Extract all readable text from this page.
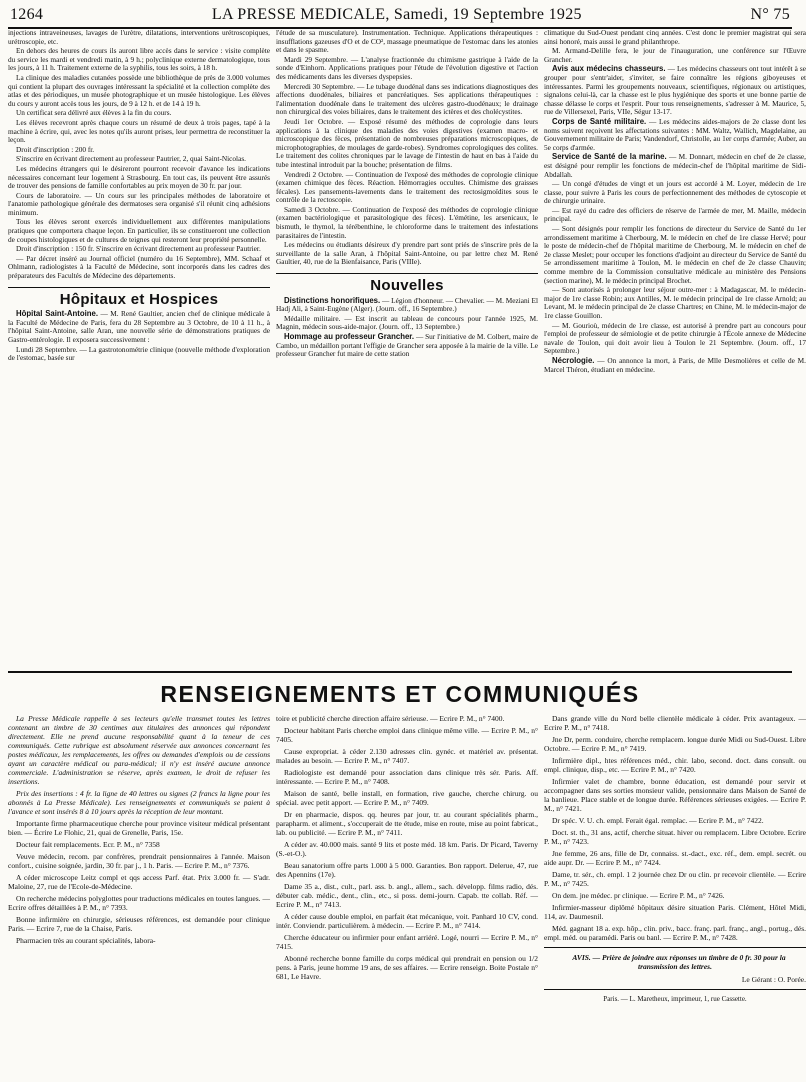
1264	LA PRESSE MEDICALE, Samedi, 19 Septembre 1925	N° 75

injections intraveineuses, lavages de l'urètre, dilatations, interventions urétroscopiques, urétroscopie, etc.

En dehors des heures de cours ils auront libre accès dans le service : visite complète du service les mardi et vendredi matin, à 9 h.; polyclinique externe dermatologique, tous les jours, à 11 h. Traitement externe de la syphilis, tous les soirs, à 18 h.

La clinique des maladies cutanées possède une bibliothèque de près de 3.000 volumes qui contient la plupart des ouvrages intéressant la spécialité et la collection complète des atlas et des périodiques, un musée photographique et un musée histologique. Les élèves du cours y auront accès tous les jours, de 9 à 12 h. et de 14 à 19 h.

Un certificat sera délivré aux élèves à la fin du cours.

Les élèves recevront après chaque cours un résumé de deux à trois pages, tapé à la machine à écrire, qui, avec les notes qu'ils auront prises, leur permettra de reconstituer la leçon.

Droit d'inscription : 200 fr.

S'inscrire en écrivant directement au professeur Pautrier, 2, quai Saint-Nicolas.

Les médecins étrangers qui le désireront pourront recevoir d'avance les indications nécessaires concernant leur logement à Strasbourg. En tout cas, ils peuvent être assurés de trouver des pensions de famille confortables au prix moyen de 30 fr. par jour.

Cours de laboratoire. — Un cours sur les principales méthodes de laboratoire et l'anatomie pathologique générale des dermatoses sera organisé s'il réunit cinq adhésions minimum.

Tous les élèves seront exercés individuellement aux différentes manipulations pratiques que comportera chaque leçon. En particulier, ils se constitueront une collection de coupes histologiques et de cultures de teignes qui resteront leur propriété personnelle.

Droit d'inscription : 150 fr. S'inscrire en écrivant directement au professeur Pautrier.

— Par décret inséré au Journal officiel (numéro du 16 Septembre), MM. Schaaf et Ohlmann, radiologistes à la Faculté de Médecine, sont incorporés dans les cadres des préparateurs des Facultés de Médecine des départements.

Hôpitaux et Hospices

Hôpital Saint-Antoine. — M. René Gaultier, ancien chef de clinique médicale à la Faculté de Médecine de Paris, fera du 28 Septembre au 3 Octobre, de 10 à 11 h., à l'hôpital Saint-Antoine, salle Aran, une nouvelle série de démonstrations pratiques de Gastro-entérologie. Il exposera successivement :

Lundi 28 Septembre. — La gastrotonométrie clinique (nouvelle méthode d'exploration de l'estomac, basée sur

l'étude de sa musculature). Instrumentation. Technique. Applications thérapeutiques : insufflations gazeuses d'O et de CO², massage pneumatique de l'estomac dans les atonies et dans le spasme.

Mardi 29 Septembre. — L'analyse fractionnée du chimisme gastrique à l'aide de la sonde d'Einhorn. Applications pratiques pour l'étude de l'évolution digestive et l'action des médicaments dans les diverses dyspepsies.

Mercredi 30 Septembre. — Le tubage duodénal dans ses indications diagnostiques des affections duodénales, biliaires et pancréatiques. Ses applications thérapeutiques : l'alimentation duodénale dans le traitement des ulcères gastro-duodénaux; le drainage non chirurgical des voies biliaires, dans le traitement des ictères et des cholécystites.

Jeudi 1er Octobre. — Exposé résumé des méthodes de coprologie dans leurs applications à la clinique des maladies des voies digestives (examen macro- et microscopique des fèces, présentation de nombreuses préparations microscopiques, de microphotographies, de moulages de garde-robes). Syndromes coprologiques des colites. Le traitement des colites chroniques par le lavage de l'intestin de haut en bas à l'aide du tube intestinal introduit par la bouche; présentation de films.

Vendredi 2 Octobre. — Continuation de l'exposé des méthodes de coprologie clinique (examen chimique des fèces. Réaction. Hémorragies occultes. Chimisme des graisses fécales). Les pansements-lavements dans le traitement des rectosigmoïdites sous le contrôle de la rectoscopie.

Samedi 3 Octobre. — Continuation de l'exposé des méthodes de coprologie clinique (examen bactériologique et parasitologique des fèces). L'émétine, les arsenicaux, le bismuth, le thymol, la térébenthine, le chloroforme dans le traitement des infestations parasitaires de l'intestin.

Les médecins ou étudiants désireux d'y prendre part sont priés de s'inscrire près de la surveillante de la salle Aran, à l'hôpital Saint-Antoine, ou par lettre chez M. René Gaultier, 40, rue de la Bienfaisance, Paris (VIIIe).

Nouvelles

Distinctions honorifiques. — Légion d'honneur. — Chevalier. — M. Meziani El Hadj Ali, à Saint-Eugène (Alger). (Journ. off., 16 Septembre.)

Médaille militaire. — Est inscrit au tableau de concours pour l'année 1925, M. Magnin, médecin sous-aide-major. (Journ. off., 13 Septembre.)

Hommage au professeur Grancher. — Sur l'initiative de M. Colbert, maire de Cambo, un médaillon portant l'effigie de Grancher sera apposée à la mairie de la ville. Le professeur Grancher fut maire de cette station

climatique du Sud-Ouest pendant cinq années. C'est donc le premier magistrat qui sera ainsi honoré, mais aussi le grand philanthrope.

M. Armand-Delille fera, le jour de l'inauguration, une conférence sur l'Œuvre Grancher.

Avis aux médecins chasseurs. — Les médecins chasseurs ont tout intérêt à se grouper pour s'entr'aider, s'inviter, se faire connaître les régions giboyeuses et intéressantes. Parmi les groupements nouveaux, scientifiques, régionaux ou artistiques, signalons celui-là, car la chasse est le plus hygiénique des sports et une bonne partie de chasse délasse le corps et l'esprit. Pour tous renseignements, s'adresser à M. Maurice, 5, rue de Villersexel, Paris, VIIe, Ségur 13-17.

Corps de Santé militaire. — Les médecins aides-majors de 2e classe dont les noms suivent reçoivent les affectations suivantes : MM. Waltz, Wallich, Magdelaine, au Gouvernement militaire de Paris; Vandendorf, Christolle, au 1er corps d'armée; Auber, au 5e corps d'armée.

Service de Santé de la marine. — M. Donnart, médecin en chef de 2e classe, est désigné pour remplir les fonctions de médecin-chef de l'hôpital maritime de Sidi-Abdallah.

— Un congé d'études de vingt et un jours est accordé à M. Loyer, médecin de 1re classe, pour suivre à Paris les cours de perfectionnement des méthodes de cytoscopie et de chirurgie urinaire.

— Est rayé du cadre des officiers de réserve de l'armée de mer, M. Maille, médecin principal.

— Sont désignés pour remplir les fonctions de directeur du Service de Santé du 1er arrondissement maritime à Cherbourg, M. le médecin en chef de 1re classe Hervé; pour le poste de médecin-chef de l'hôpital maritime de Cherbourg, M. le médecin en chef de 2e classe Meslet; pour occuper les fonctions d'adjoint au directeur du Service de Santé du 5e arrondissement maritime à Toulon, M. le médecin en chef de 2e classe Chauvin; comme membre de la Commission consultative médicale au ministère des Pensions (section marine), M. le médecin principal Brochet.

— Sont autorisés à prolonger leur séjour outre-mer : à Madagascar, M. le médecin-major de 1re classe Robin; aux Antilles, M. le médecin principal de 1re classe Arnold; au Levant, M. le médecin principal de 2e classe Chartres; en Chine, M. le médecin-major de 1re classe Gouillon.

— M. Gourioù, médecin de 1re classe, est autorisé à prendre part au concours pour l'emploi de professeur de sémiologie et de petite chirurgie à l'École annexe de Médecine navale de Toulon, qui doit avoir lieu à Toulon le 21 Septembre. (Journ. off., 17 Septembre.)

Nécrologie. — On annonce la mort, à Paris, de Mlle Desmolières et celle de M. Marcel Théron, étudiant en médecine.

RENSEIGNEMENTS ET COMMUNIQUÉS

La Presse Médicale rappelle à ses lecteurs qu'elle transmet toutes les lettres contenant un timbre de 30 centimes aux titulaires des annonces qui répondent directement. Elle ne prend aucune responsabilité quant à la teneur de ces communiqués. Cette rubrique est absolument réservée aux annonces concernant les postes médicaux, les remplacements, les offres ou demandes d'emplois ou de cessions ayant un caractère médical ou para-médical; il n'y est inséré aucune annonce commerciale. L'administration se réserve, après examen, le droit de refuser les insertions.

Prix des insertions : 4 fr. la ligne de 40 lettres ou signes (2 francs la ligne pour les abonnés à La Presse Médicale). Les renseignements et communiqués se paient à l'avance et sont insérés 8 à 10 jours après la réception de leur montant.

Importante firme pharmaceutique cherche pour province visiteur médical présentant bien. — Écrire Le Flohic, 21, quai de Grenelle, Paris, 15e.

Docteur fait remplacements. Ecr. P. M., n° 7358

Veuve médecin, recom. par confrères, prendrait pensionnaires à l'année. Maison confort., cuisine soignée, jardin, 30 fr. par j., 1 h. Paris. — Ecrire P. M., n° 7376.

A céder microscope Leitz compl et qqs access Parf. état. Prix 3.000 fr. — S'adr. Maloine, 27, rue de l'Ecole-de-Médecine.

On recherche médecins polyglottes pour traductions médicales en toutes langues. — Ecrire offres détaillées à P. M., n° 7393.

Bonne infirmière en chirurgie, sérieuses références, est demandée pour clinique Paris. — Ecrire 7, rue de la Chaise, Paris.

Pharmacien très au courant spécialités, labora-

toire et publicité cherche direction affaire sérieuse. — Ecrire P. M., n° 7400.

Docteur habitant Paris cherche emploi dans clinique même ville. — Ecrire P. M., n° 7405.

Cause expropriat. à céder 2.130 adresses clin. gynéc. et matériel av. présentat. malades au besoin. — Ecrire P. M., n° 7407.

Radiologiste est demandé pour association dans clinique très sér. Paris. Aff. intéressante. — Ecrire P. M., n° 7408.

Maison de santé, belle install, en formation, rive gauche, cherche chirurg. ou spécial. avec petit apport. — Ecrire P. M., n° 7409.

Dr en pharmacie, dispos. qq. heures par jour, tr. au courant spécialités pharm., parapharm. et aliment., s'occuperait de tte étude, mise en route, mise au point fabricat., lab. ou publicité. — Ecrire P. M., n° 7411.

A céder av. 40.000 mais. santé 9 lits et poste méd. 18 km. Paris. Dr Picard, Taverny (S.-et-O.).

Beau sanatorium offre parts 1.000 à 5 000. Garanties. Bon rapport. Delerue, 47, rue des Apennins (17e).

Dame 35 a., dist., cult., parl. ass. b. angl., allem., sach. développ. films radio, dés. débuter cab. médic., dent., clin., etc., si poss. demi-journ. Capab. tte collab. Réf. — Ecrire P. M., n° 7413.

A céder cause double emploi, en parfait état mécanique, voit. Panhard 10 CV, cond. intér. Conviendr. particulièrem. à médecin. — Ecrire P. M., n° 7414.

Cherche éducateur ou infirmier pour enfant arriéré. Logé, nourri — Ecrire P. M., n° 7415.

Abonné recherche bonne famille du corps médical qui prendrait en pension ou 1/2 pens. à Paris, jeune homme 19 ans, de ses affaires. — Ecrire renseign. Boite Postale n° 681, Le Havre.

Dans grande ville du Nord belle clientèle médicale à céder. Prix avantageux. — Ecrire P. M., n° 7418.

Jne Dr, perm. conduire, cherche remplacem. longue durée Midi ou Sud-Ouest. Libre Octobre. — Ecrire P. M., n° 7419.

Infirmière dipl., htes références méd., chir. labo, second. doct. dans consult. ou empl. clinique, disp., etc. — Ecrire P. M., n° 7420.

Infirmier valet de chambre, bonne éducation, est demandé pour servir et accompagner dans ses sorties monsieur valide, pensionnaire dans Maison de Santé de la banlieue. Place stable et de longue durée. Références sérieuses exigées. — Ecrire P. M., n° 7421.

Dr spéc. V. U. ch. empl. Ferait égal. remplac. — Ecrire P. M., n° 7422.

Doct. st. th., 31 ans, actif, cherche situat. hiver ou remplacem. Libre Octobre. Ecrire P. M., n° 7423.

Jne femme, 26 ans, fille de Dr, connaiss. st.-dact., exc. réf., dem. empl. secrét. ou aide aupr. Dr. — Ecrire P. M., n° 7424.

Dame, tr. sér., ch. empl. 1 2 journée chez Dr ou clin. pr recevoir clientèle. — Ecrire P. M., n° 7425.

On dem. jne médec. pr clinique. — Ecrire P. M., n° 7426.

Infirmier-masseur diplômé hôpitaux désire situation Paris. Clément, Hôtel Midi, 114, av. Daumesnil.

Méd. gagnant 18 a. exp. hôp., clin. priv., bacc. franç. parl. franç., angl., portug., dés. empl. méd. ou paramédi. Paris ou banl. — Ecrire P. M., n° 7428.

AVIS. — Prière de joindre aux réponses un timbre de 0 fr. 30 pour la transmission des lettres.

Le Gérant : O. Porée.
Paris. — L. Maretheux, imprimeur, 1, rue Cassette.
